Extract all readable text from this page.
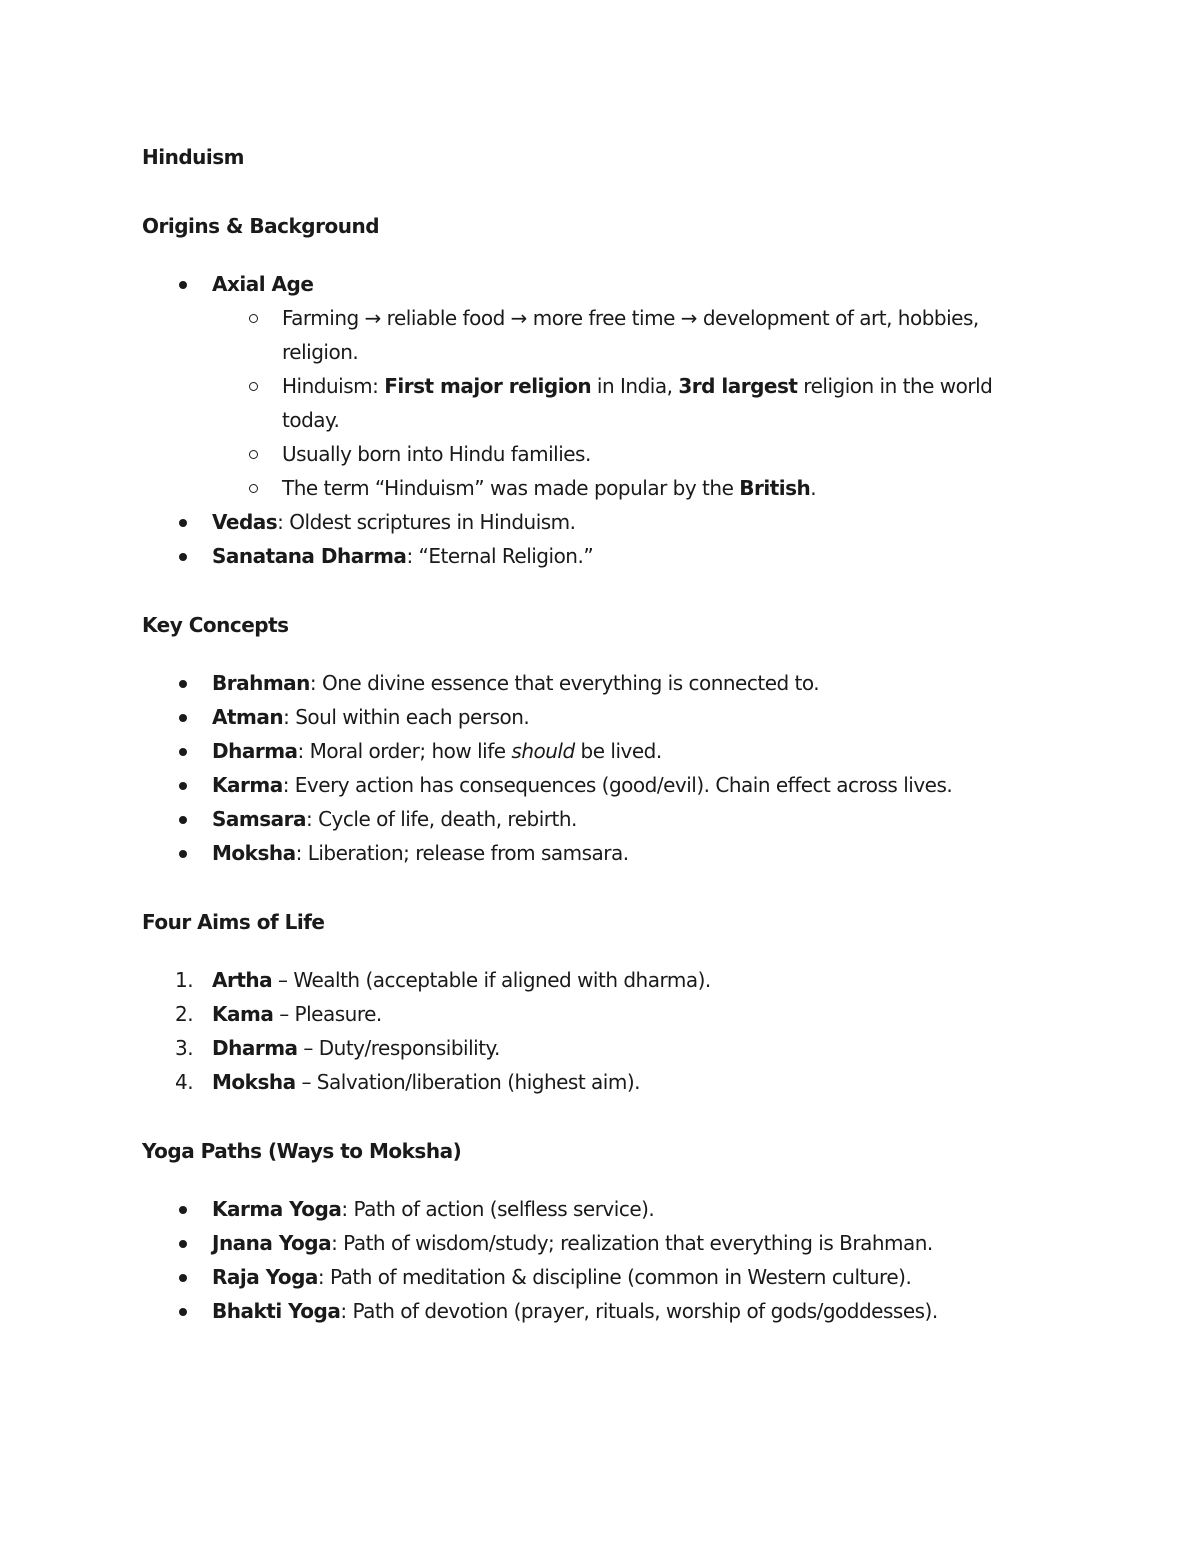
Hinduism

Origins & Background

Axial Age
Farming → reliable food → more free time → development of art, hobbies, religion.
Hinduism: First major religion in India, 3rd largest religion in the world today.
Usually born into Hindu families.
The term “Hinduism” was made popular by the British.
Vedas: Oldest scriptures in Hinduism.
Sanatana Dharma: “Eternal Religion.”

Key Concepts

Brahman: One divine essence that everything is connected to.
Atman: Soul within each person.
Dharma: Moral order; how life should be lived.
Karma: Every action has consequences (good/evil). Chain effect across lives.
Samsara: Cycle of life, death, rebirth.
Moksha: Liberation; release from samsara.

Four Aims of Life

1. Artha – Wealth (acceptable if aligned with dharma).
2. Kama – Pleasure.
3. Dharma – Duty/responsibility.
4. Moksha – Salvation/liberation (highest aim).

Yoga Paths (Ways to Moksha)

Karma Yoga: Path of action (selfless service).
Jnana Yoga: Path of wisdom/study; realization that everything is Brahman.
Raja Yoga: Path of meditation & discipline (common in Western culture).
Bhakti Yoga: Path of devotion (prayer, rituals, worship of gods/goddesses).
